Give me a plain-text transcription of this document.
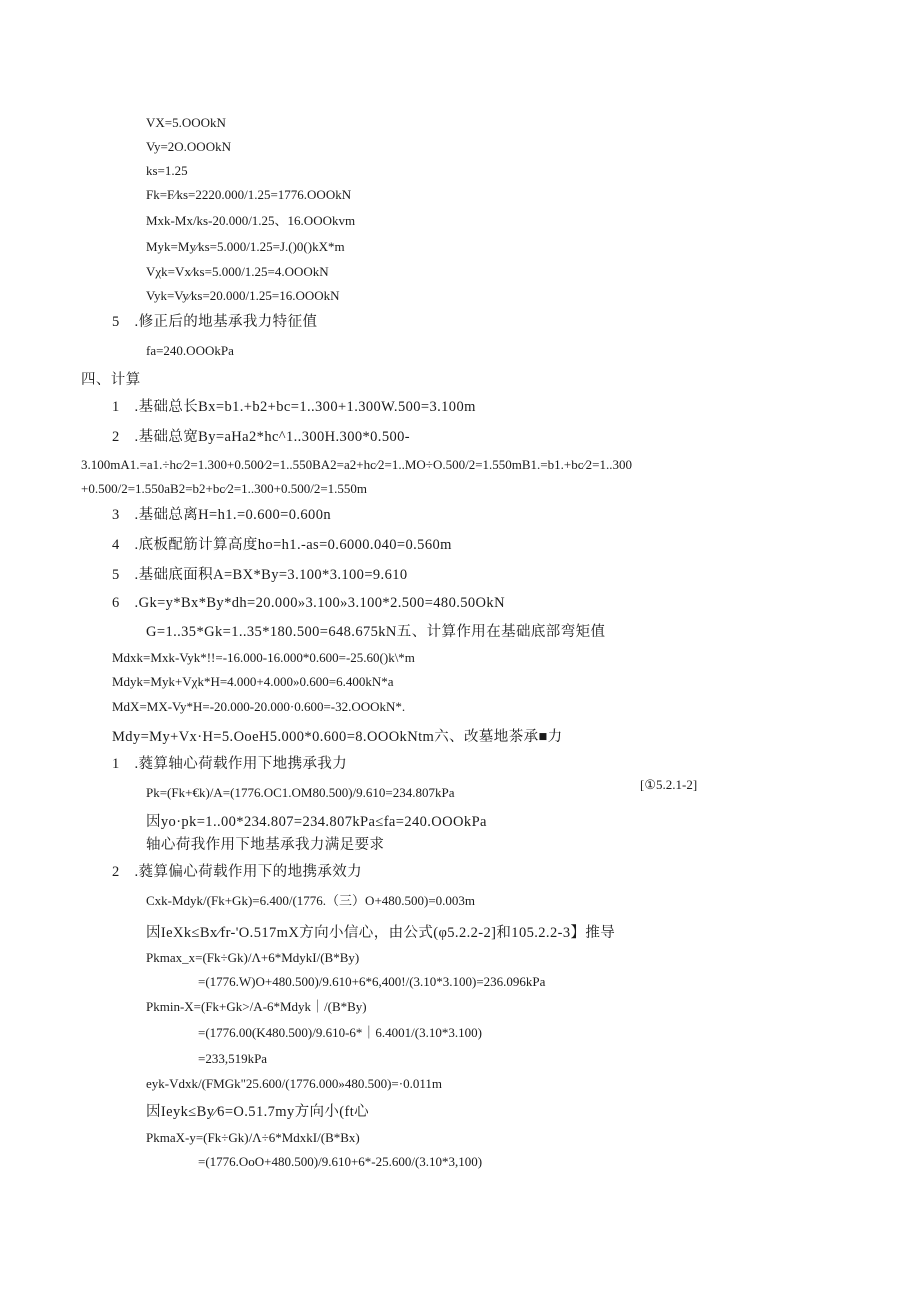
VX=5.OOOkN
Vy=2O.OOOkN
ks=1.25
Fk=F⁄ks=2220.000/1.25=1776.OOOkN
Mxk-Mx/ks-20.000/1.25、16.OOOkvm
Myk=My⁄ks=5.000/1.25=J.()0()kX*m
Vχk=Vx⁄ks=5.000/1.25=4.OOOkN
Vyk=Vy⁄ks=20.000/1.25=16.OOOkN
5　.修正后的地基承我力特征值
fa=240.OOOkPa
四、计算
1　.基础总长Bx=b1.+b2+bc=1..300+1.300W.500=3.100m
2　.基础总宽By=aHa2*hc^1..300H.300*0.500-
3.100mA1.=a1.÷hc⁄2=1.300+0.500⁄2=1..550BA2=a2+hc⁄2=1..MO÷O.500/2=1.550mB1.=b1.+bc⁄2=1..300
+0.500/2=1.550aB2=b2+bc⁄2=1..300+0.500/2=1.550m
3　.基础总离H=h1.=0.600=0.600n
4　.底板配筋计算高度ho=h1.-as=0.6000.040=0.560m
5　.基础底面积A=BX*By=3.100*3.100=9.610
6　.Gk=y*Bx*By*dh=20.000»3.100»3.100*2.500=480.50OkN
G=1..35*Gk=1..35*180.500=648.675kN五、计算作用在基础底部弯矩值
Mdxk=Mxk-Vyk*!!=-16.000-16.000*0.600=-25.60()k\*m
Mdyk=Myk+Vχk*H=4.000+4.000»0.600=6.400kN*a
MdX=MX-Vy*H=-20.000-20.000·0.600=-32.OOOkN*.
Mdy=My+Vx·H=5.OoeH5.000*0.600=8.OOOkNtm六、改墓地茶承■力
1　.蕤算轴心荷载作用下地携承我力
Pk=(Fk+€k)/A=(1776.OC1.OM80.500)/9.610=234.807kPa
[①5.2.1-2]
因yo·pk=1..00*234.807=234.807kPa≤fa=240.OOOkPa
轴心荷我作用下地基承我力满足要求
2　.蕤算偏心荷载作用下的地携承效力
Cxk-Mdyk/(Fk+Gk)=6.400/(1776.（三）O+480.500)=0.003m
因IeXk≤Bx⁄fr-'O.517mX方向小信心，由公式(φ5.2.2-2]和105.2.2-3】推导
Pkmax_x=(Fk÷Gk)/Λ+6*MdykI/(B*By)
=(1776.W)O+480.500)/9.610+6*6,400!/(3.10*3.100)=236.096kPa
Pkmin-X=(Fk+Gk>/A-6*Mdyk｜/(B*By)
=(1776.00(K480.500)/9.610-6*｜6.4001/(3.10*3.100)
=233,519kPa
eyk-Vdxk/(FMGk"25.600/(1776.000»480.500)=·0.011m
因Ieyk≤By⁄6=O.51.7my方向小(ft心
PkmaX-y=(Fk÷Gk)/Λ÷6*MdxkI/(B*Bx)
=(1776.OoO+480.500)/9.610+6*-25.600/(3.10*3,100)
